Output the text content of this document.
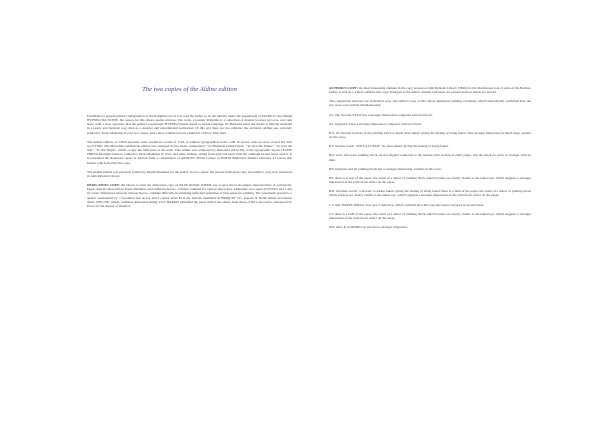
The two copies of the Aldine edition

Established a present textual configuration of the Poliphilo text as it is read the author to be the identity under the pseudonym of FACRE D. the Danish HYPNEO DA NCHIE, the reason for this choice seems obvious. The work, a journey Poliphilo is a collection of dreams focused on Love, ever and hope, with a clear appetizer that the author's pseudonym HYPNEO means dream to Greek language. Its Barbarici ideas the dream is initially intended in a poetic and fantastic way, then as a superior and experimental realization. Of this text there are two editions: the exclusive Aldine one, privately printed by Paolo Manutius in post two copies, and a later commercial one printed in 1545 by Marcolini.

The Aldine edition, of which Apostolo Zeno speaks in a letter of 1723, is without typographical notes, with 16 leaves, ends on recto of leaf D4 with word FINE. The Marcolini commercial edition was enlarged in four strata composition: "To Madonna Unika Fenni", "To Oral the Father", "To God the Son", "To the Virgin", which occupy the fifth quire of the work. This Aldine was composed by Renouard (1812-29), to the typographic layout LEONE EBREO Dialoghi d'amore, printed by Paolo Manutius in 1541, and other Aldines, dating from dates between 1545-82, although he had never seen it. It is presumed the Renouard report is derived from a consultation of ARNOTO ZENO Lettere or HAYM Biblioteca Italiana reference 41 leaves that Italian, which describe the copy.

The Aldine edition was privately printed by Paulus Manutius for the author, in two copies: the present dedication copy and author's copy now preserved in John Rylands Library.

DEDICATION COPY: the choice to print the dedication copy on BLUE ROYAL PAPER was to give the book unique characteristics of exclusivity. Paper analysis showed how Paolo Manutius used different moves, a further common for various blue paper. Althoutme two copies (CENSUS and 3 and 9) colour differences between various moves, combine difficulty in obtaining sufficient quantities of blue paper for printing. The watermark present is a anchor surmounted by a 6-pointed star on top and a capital letter M at the bottom, identified in BRIQUET 511, present in North Italian documents dated 1590-1591 which, combines Renouard dating; Prof. HARRIS identified the paper mill of the sheets from those of Riva del Garda, referenced by Paolo for the supply of material.

AUTHOR'S COPY: the most interesting element in the copy present at John Rylands Library (38461) is the illuminated coat of arms of the Barbaro family at leaf A1r, which confirms that copy belonged to the author. Similar variations are present both on sheets A1 and A2.

The comparison between our dedication copy and author's copy at JRL shows numerous printing variations, which undoubtedly confirmed how the two were were printed simultaneously.

A1: line 'Second VELO' has a stronger impression compared with text block.

A3: signature at has a stronger impression compared with text block.

B1r: all external sections of the printing block is much more inked, giving the feeling of being faded. This stronger impression is much more evident on the verso.

B1r last line words "POI LA LUNGE" are more inked, giving the feeling of being faded.

B2r: recto and verso printing block are not aligned compared to the normal print section of other pages, and the block on verso is stronger with no inlet.

B3r signature and all printing block has a stronger impression, evident on the verso.

B3: there is at leaf of the paper, the result of a defect of printing block which borders are clearly visible to the naked eye, which suggests a stronger impression of the print block defect on the paper.

B4r: last lines words "a morale" is darker inked, giving the feeling of being faded; there is a fault of the paper, the result of a defect of printing block which borders are clearly visible to the naked eye, which suggests a stronger impression of the print block defect on the paper.

C1r title "PARTE TERZA" has type T defective, which confirms how this type has been overtyped in second issue.

C3: there is a fault of the paper, the result of a defect of printing block which borders are clearly visible to the naked eye, which suggests a stronger impression of the print block defect on the paper.

D2r: letter R of MORIO on last line is stronger impressed.
